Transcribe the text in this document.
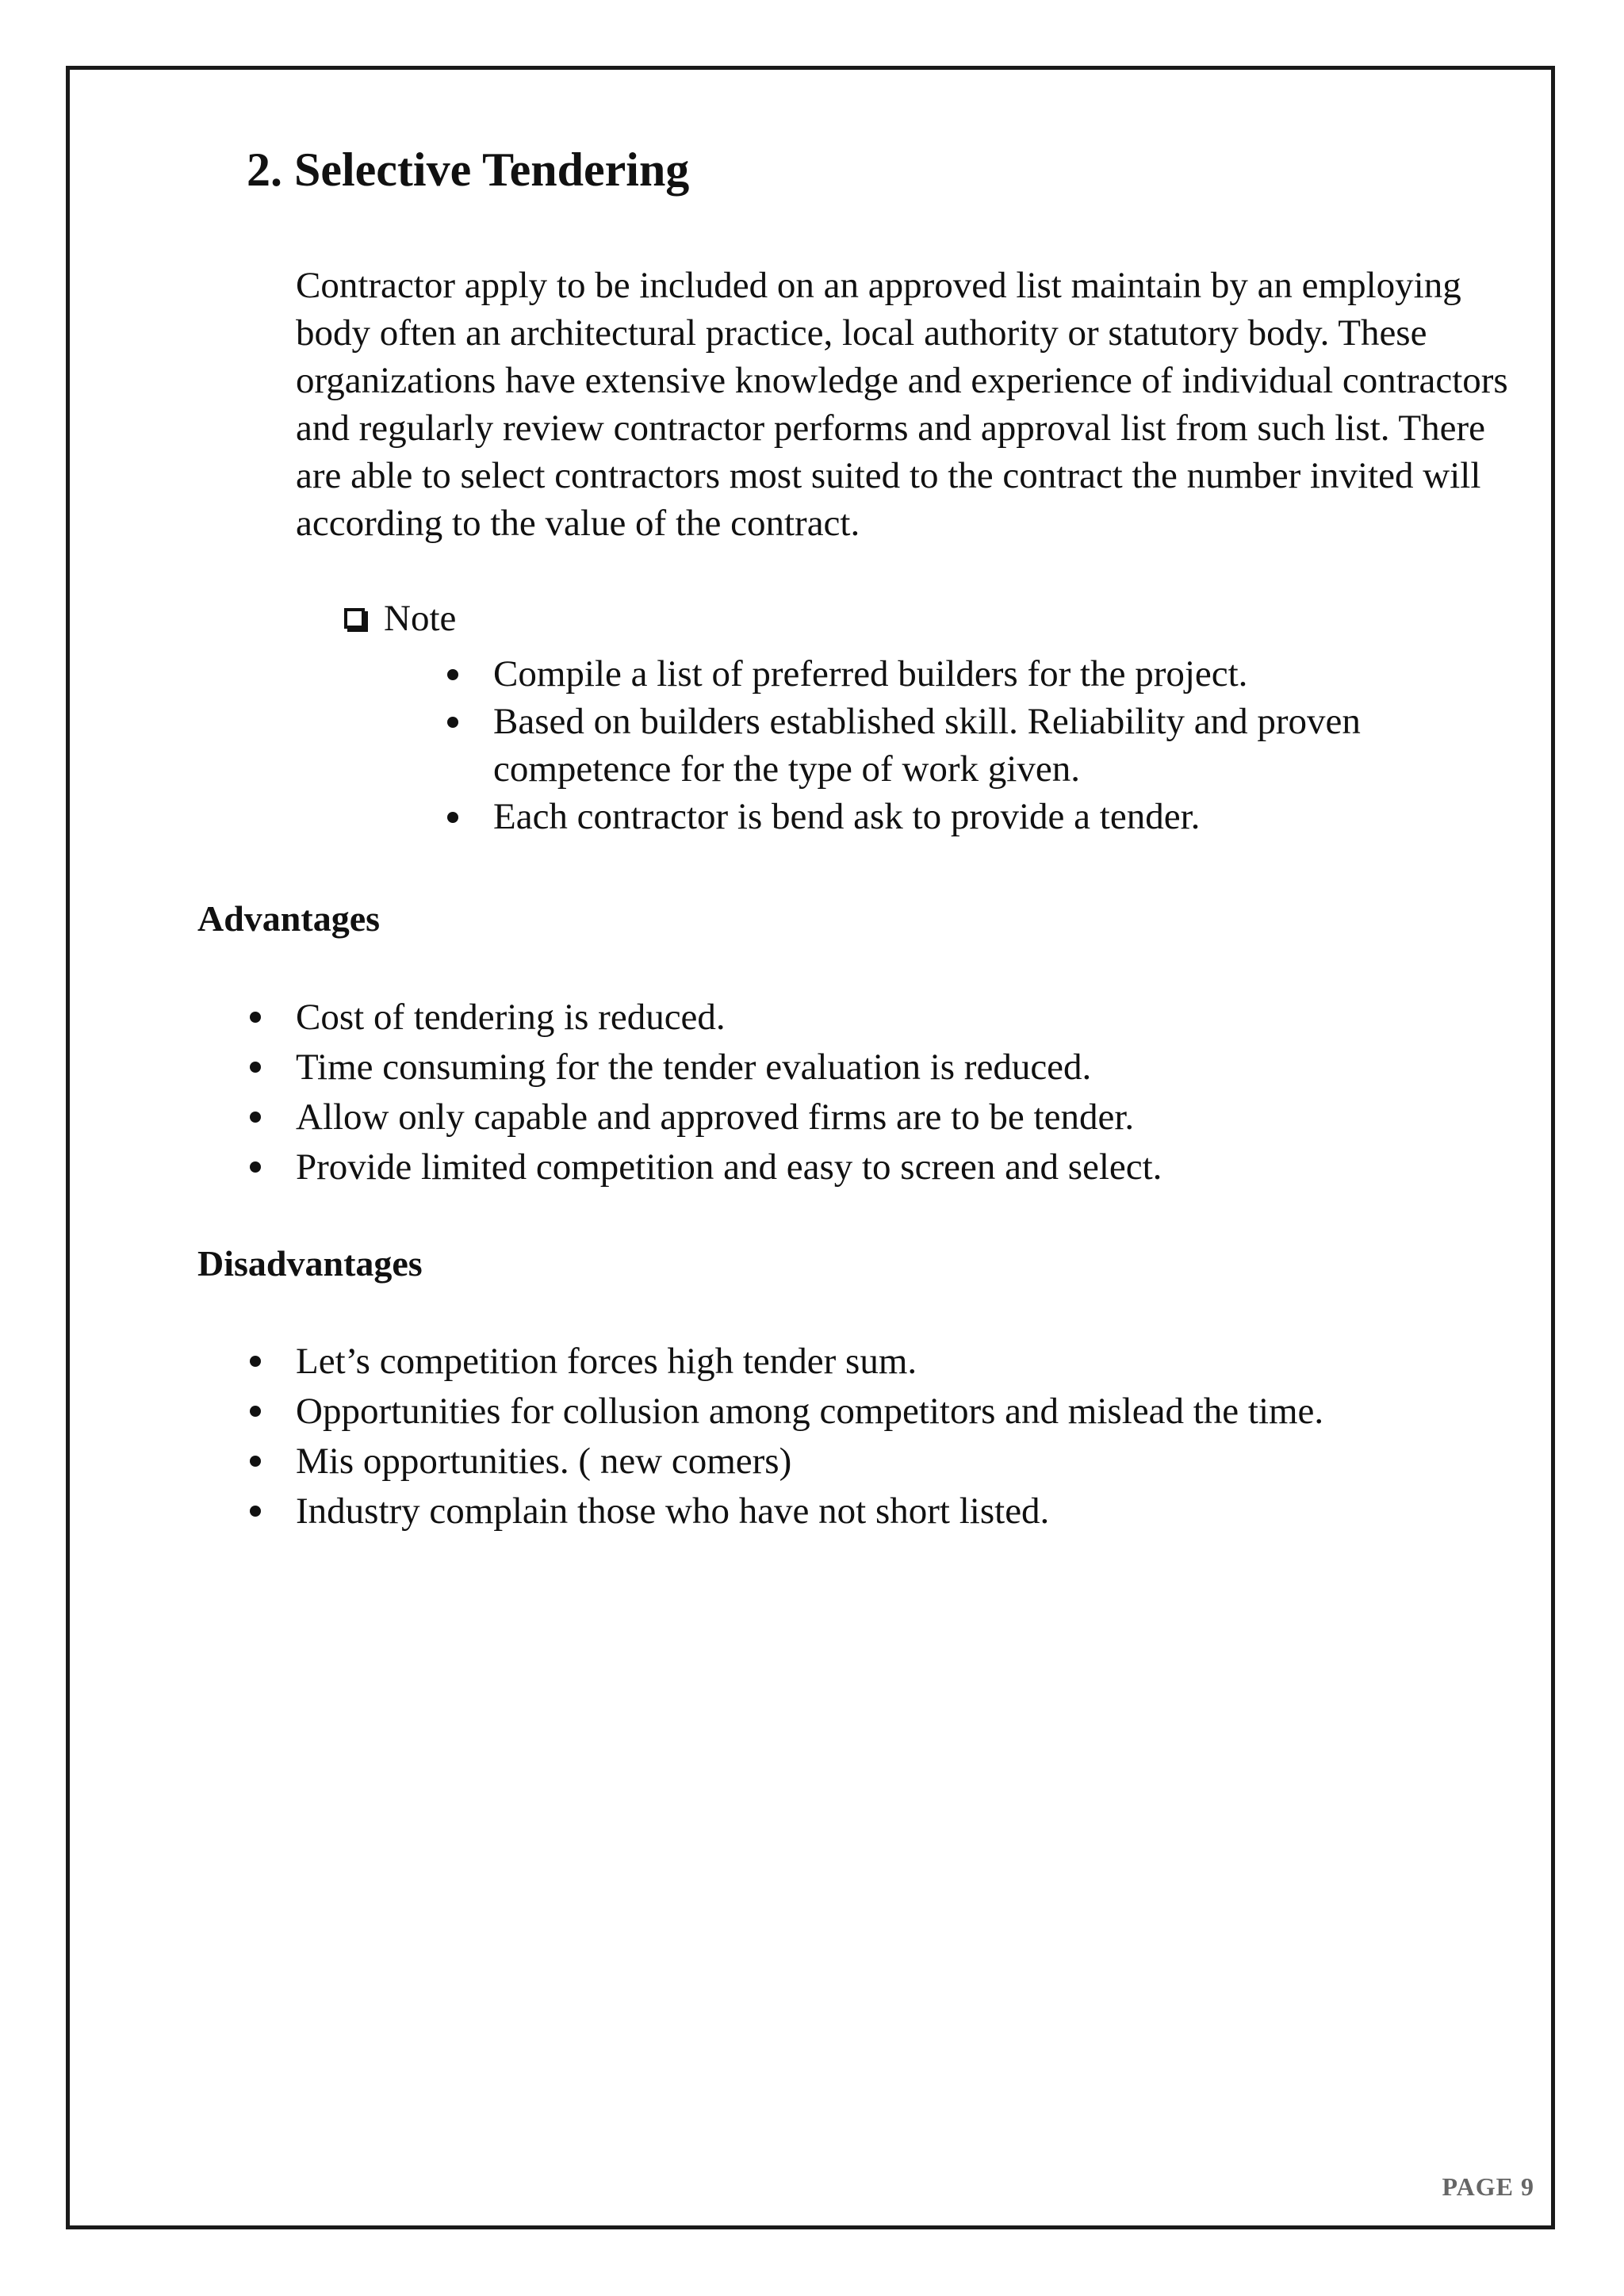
2. Selective Tendering

Contractor apply to be included on an approved list maintain by an employing body often an architectural practice, local authority or statutory body. These organizations have extensive knowledge and experience of individual contractors and regularly review contractor performs and approval list from such list. There are able to select contractors most suited to the contract the number invited will according to the value of the contract.

Note
Compile a list of preferred builders for the project.
Based on builders established skill. Reliability and proven competence for the type of work given.
Each contractor is bend ask to provide a tender.
Advantages
Cost of tendering is reduced.
Time consuming for the tender evaluation is reduced.
Allow only capable and approved firms are to be tender.
Provide limited competition and easy to screen and select.
Disadvantages
Let’s competition forces high tender sum.
Opportunities for collusion among competitors and mislead the time.
Mis opportunities. ( new comers)
Industry complain those who have not short listed.
PAGE 9
